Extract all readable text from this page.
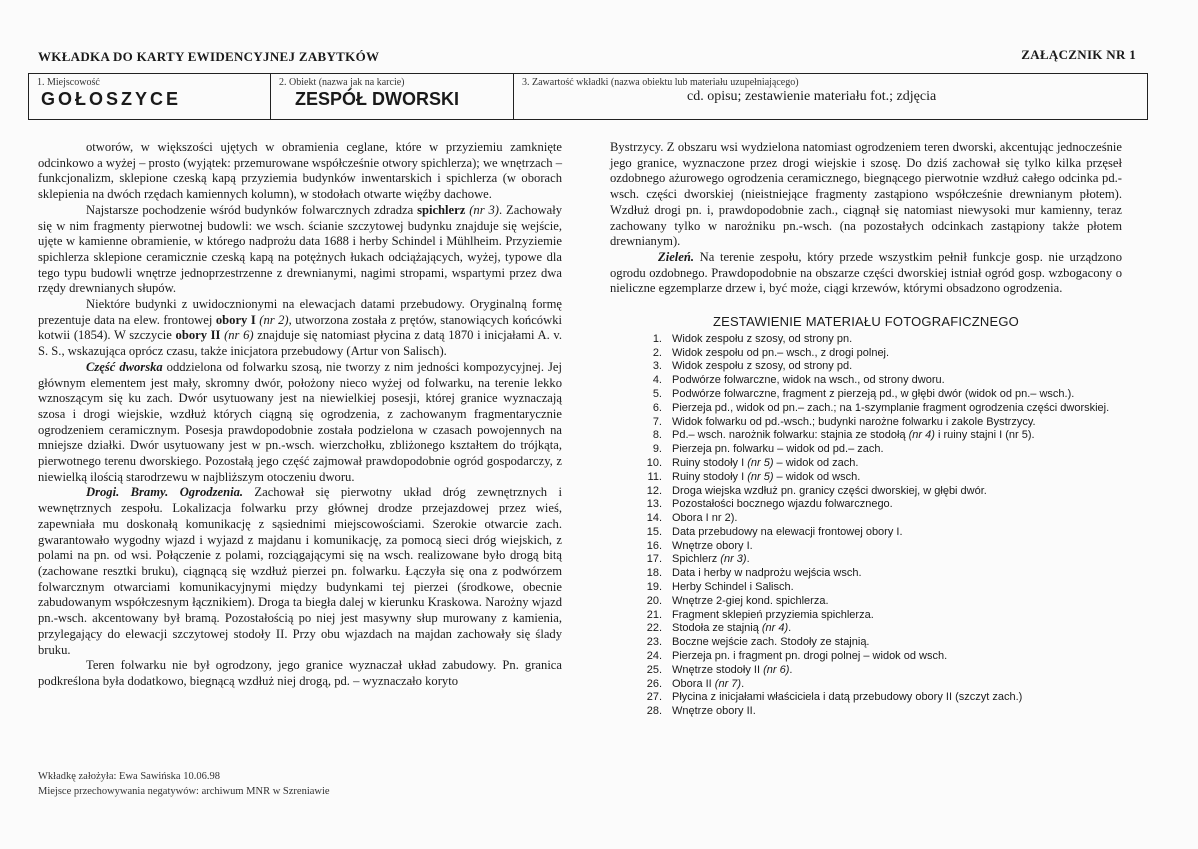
WKŁADKA DO KARTY EWIDENCYJNEJ ZABYTKÓW	ZAŁĄCZNIK NR 1
1. Miejscowość
GOŁOSZYCE
2. Obiekt (nazwa jak na karcie)
ZESPÓŁ DWORSKI
3. Zawartość wkładki (nazwa obiektu lub materiału uzupełniającego)
cd. opisu; zestawienie materiału fot.; zdjęcia

otworów, w większości ujętych w obramienia ceglane, które w przyziemiu zamknięte odcinkowo a wyżej – prosto (wyjątek: przemurowane współcześnie otwory spichlerza); we wnętrzach – funkcjonalizm, sklepione czeską kapą przyziemia budynków inwentarskich i spichlerza (w oborach sklepienia na dwóch rzędach kamiennych kolumn), w stodołach otwarte więźby dachowe.

Najstarsze pochodzenie wśród budynków folwarcznych zdradza spichlerz (nr 3). Zachowały się w nim fragmenty pierwotnej budowli: we wsch. ścianie szczytowej budynku znajduje się wejście, ujęte w kamienne obramienie, w którego nadprożu data 1688 i herby Schindel i Mühlheim. Przyziemie spichlerza sklepione ceramicznie czeską kapą na potężnych łukach odciążających, wyżej, typowe dla tego typu budowli wnętrze jednoprzestrzenne z drewnianymi, nagimi stropami, wspartymi przez dwa rzędy drewnianych słupów.

Niektóre budynki z uwidocznionymi na elewacjach datami przebudowy. Oryginalną formę prezentuje data na elew. frontowej obory I (nr 2), utworzona została z prętów, stanowiących końcówki kotwii (1854). W szczycie obory II (nr 6) znajduje się natomiast płycina z datą 1870 i inicjałami A. v. S. S., wskazująca oprócz czasu, także inicjatora przebudowy (Artur von Salisch).

Część dworska oddzielona od folwarku szosą, nie tworzy z nim jedności kompozycyjnej. Jej głównym elementem jest mały, skromny dwór, położony nieco wyżej od folwarku, na terenie lekko wznoszącym się ku zach. Dwór usytuowany jest na niewielkiej posesji, której granice wyznaczają szosa i drogi wiejskie, wzdłuż których ciągną się ogrodzenia, z zachowanym fragmentarycznie ogrodzeniem ceramicznym. Posesja prawdopodobnie została podzielona w czasach powojennych na mniejsze działki. Dwór usytuowany jest w pn.-wsch. wierzchołku, zbliżonego kształtem do trójkąta, pierwotnego terenu dworskiego. Pozostałą jego część zajmował prawdopodobnie ogród gospodarczy, z niewielką ilością starodrzewu w najbliższym otoczeniu dworu.

Drogi. Bramy. Ogrodzenia. Zachował się pierwotny układ dróg zewnętrznych i wewnętrznych zespołu. Lokalizacja folwarku przy głównej drodze przejazdowej przez wieś, zapewniała mu doskonałą komunikację z sąsiednimi miejscowościami. Szerokie otwarcie zach. gwarantowało wygodny wjazd i wyjazd z majdanu i komunikację, za pomocą sieci dróg wiejskich, z polami na pn. od wsi. Połączenie z polami, rozciągającymi się na wsch. realizowane było drogą bitą (zachowane resztki bruku), ciągnącą się wzdłuż pierzei pn. folwarku. Łączyła się ona z podwórzem folwarcznym otwarciami komunikacyjnymi między budynkami tej pierzei (środkowe, obecnie zabudowanym współczesnym łącznikiem). Droga ta biegła dalej w kierunku Kraskowa. Narożny wjazd pn.-wsch. akcentowany był bramą. Pozostałością po niej jest masywny słup murowany z kamienia, przylegający do elewacji szczytowej stodoły II. Przy obu wjazdach na majdan zachowały się ślady bruku.

Teren folwarku nie był ogrodzony, jego granice wyznaczał układ zabudowy. Pn. granica podkreślona była dodatkowo, biegnącą wzdłuż niej drogą, pd. – wyznaczało koryto

Bystrzycy. Z obszaru wsi wydzielona natomiast ogrodzeniem teren dworski, akcentując jednocześnie jego granice, wyznaczone przez drogi wiejskie i szosę. Do dziś zachował się tylko kilka przęseł ozdobnego ażurowego ogrodzenia ceramicznego, biegnącego pierwotnie wzdłuż całego odcinka pd.-wsch. części dworskiej (nieistniejące fragmenty zastąpiono współcześnie drewnianym płotem). Wzdłuż drogi pn. i, prawdopodobnie zach., ciągnął się natomiast niewysoki mur kamienny, teraz zachowany tylko w narożniku pn.-wsch. (na pozostałych odcinkach zastąpiony także płotem drewnianym).

Zieleń. Na terenie zespołu, który przede wszystkim pełnił funkcje gosp. nie urządzono ogrodu ozdobnego. Prawdopodobnie na obszarze części dworskiej istniał ogród gosp. wzbogacony o nieliczne egzemplarze drzew i, być może, ciągi krzewów, którymi obsadzono ogrodzenia.

ZESTAWIENIE MATERIAŁU FOTOGRAFICZNEGO
1. Widok zespołu z szosy, od strony pn.
2. Widok zespołu od pn.– wsch., z drogi polnej.
3. Widok zespołu z szosy, od strony pd.
4. Podwórze folwarczne, widok na wsch., od strony dworu.
5. Podwórze folwarczne, fragment z pierzeją pd., w głębi dwór (widok od pn.– wsch.).
6. Pierzeja pd., widok od pn.– zach.; na 1-szymplanie fragment ogrodzenia części dworskiej.
7. Widok folwarku od pd.-wsch.; budynki narożne folwarku i zakole Bystrzycy.
8. Pd.– wsch. narożnik folwarku: stajnia ze stodołą (nr 4) i ruiny stajni I (nr 5).
9. Pierzeja pn. folwarku – widok od pd.– zach.
10. Ruiny stodoły I (nr 5) – widok od zach.
11. Ruiny stodoły I (nr 5) – widok od wsch.
12. Droga wiejska wzdłuż pn. granicy części dworskiej, w głębi dwór.
13. Pozostałości bocznego wjazdu folwarcznego.
14. Obora I nr 2).
15. Data przebudowy na elewacji frontowej obory I.
16. Wnętrze obory I.
17. Spichlerz (nr 3).
18. Data i herby w nadprożu wejścia wsch.
19. Herby Schindel i Salisch.
20. Wnętrze 2-giej kond. spichlerza.
21. Fragment sklepień przyziemia spichlerza.
22. Stodoła ze stajnią (nr 4).
23. Boczne wejście zach. Stodoły ze stajnią.
24. Pierzeja pn. i fragment pn. drogi polnej – widok od wsch.
25. Wnętrze stodoły II (nr 6).
26. Obora II (nr 7).
27. Płycina z inicjałami właściciela i datą przebudowy obory II (szczyt zach.)
28. Wnętrze obory II.
Wkładkę założyła: Ewa Sawińska 10.06.98
Miejsce przechowywania negatywów: archiwum MNR w Szreniawie
